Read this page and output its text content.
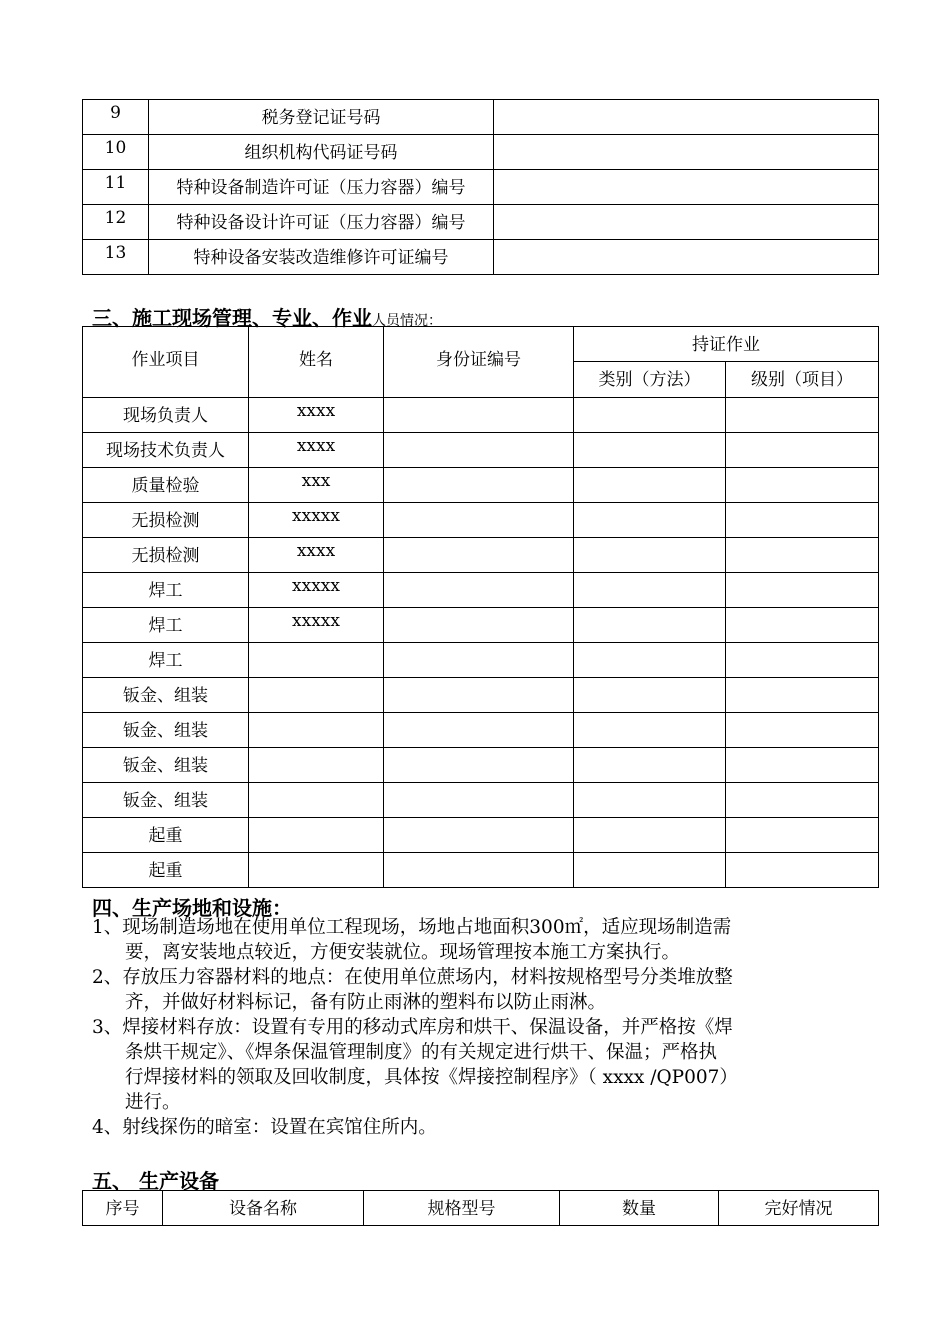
9	税务登记证号码	
10	组织机构代码证号码	
11	特种设备制造许可证（压力容器）编号	
12	特种设备设计许可证（压力容器）编号	
13	特种设备安装改造维修许可证编号	
三、施工现场管理、专业、作业人员情况：
作业项目	姓名	身份证编号	持证作业	
			类别（方法）	级别（项目）
现场负责人	xxxx			
现场技术负责人	xxxx			
质量检验	xxx			
无损检测	xxxxx			
无损检测	xxxx			
焊工	xxxxx			
焊工	xxxxx			
焊工				
钣金、组装				
钣金、组装				
钣金、组装				
钣金、组装				
起重				
起重				
四、生产场地和设施：
1、现场制造场地在使用单位工程现场，场地占地面积300㎡，适应现场制造需
要，离安装地点较近，方便安装就位。现场管理按本施工方案执行。
2、存放压力容器材料的地点：在使用单位蔗场内，材料按规格型号分类堆放整
齐，并做好材料标记，备有防止雨淋的塑料布以防止雨淋。
3、焊接材料存放：设置有专用的移动式库房和烘干、保温设备，并严格按《焊
条烘干规定》、《焊条保温管理制度》的有关规定进行烘干、保温；严格执
行焊接材料的领取及回收制度，具体按《焊接控制程序》（ xxxx /QP007）
进行。
4、射线探伤的暗室：设置在宾馆住所内。
五、 生产设备
序号	设备名称	规格型号	数量	完好情况
